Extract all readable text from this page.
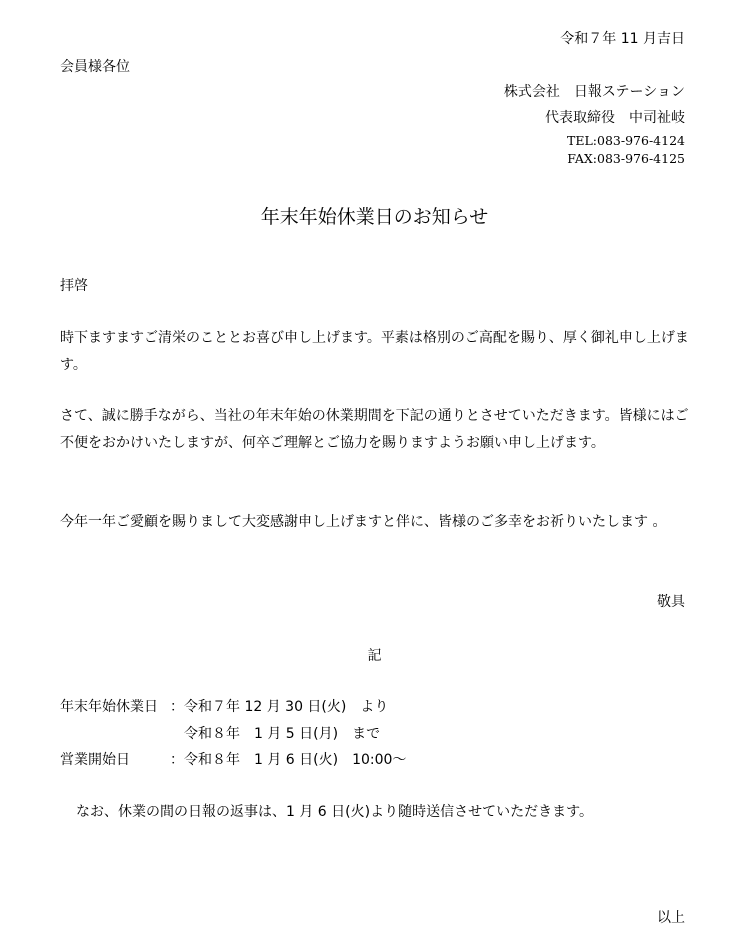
令和７年 11 月吉日
会員様各位
株式会社　日報ステーション
代表取締役　中司祉岐
TEL:083-976-4124
FAX:083-976-4125
年末年始休業日のお知らせ
拝啓
時下ますますご清栄のこととお喜び申し上げます。平素は格別のご高配を賜り、厚く御礼申し上げます。
さて、誠に勝手ながら、当社の年末年始の休業期間を下記の通りとさせていただきます。皆様にはご不便をおかけいたしますが、何卒ご理解とご協力を賜りますようお願い申し上げます。
今年一年ご愛顧を賜りまして大変感謝申し上げますと伴に、皆様のご多幸をお祈りいたします 。
敬具
記
年末年始休業日 ： 令和７年 12 月 30 日(火)　より
令和８年　1 月 5 日(月)　まで
営業開始日	： 令和８年　1 月 6 日(火)　10:00～
なお、休業の間の日報の返事は、1 月 6 日(火)より随時送信させていただきます。
以上
